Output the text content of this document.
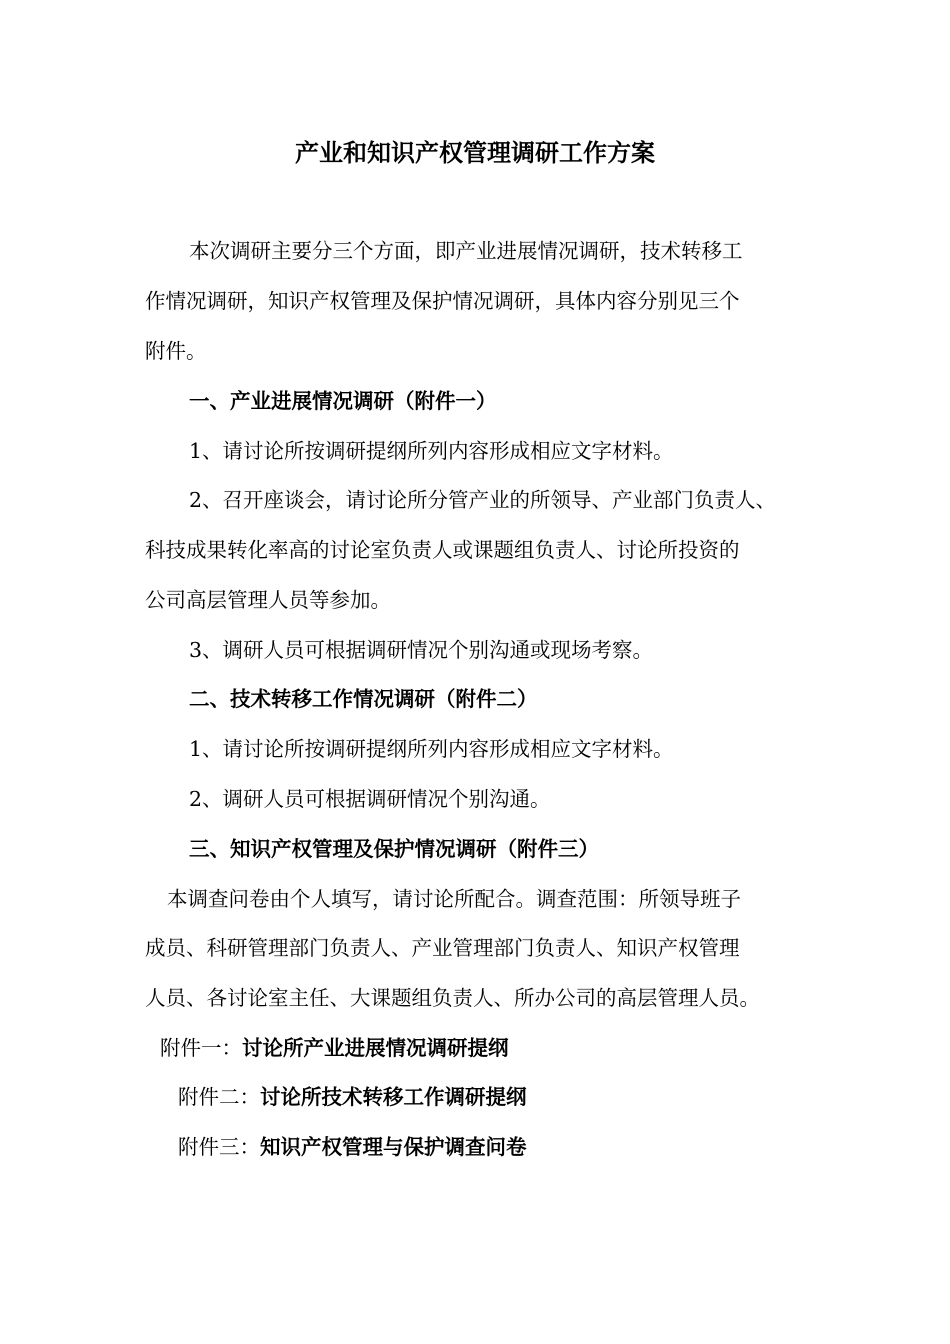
产业和知识产权管理调研工作方案
本次调研主要分三个方面，即产业进展情况调研，技术转移工
作情况调研，知识产权管理及保护情况调研，具体内容分别见三个
附件。
一、产业进展情况调研（附件一）
1、请讨论所按调研提纲所列内容形成相应文字材料。
2、召开座谈会，请讨论所分管产业的所领导、产业部门负责人、
科技成果转化率高的讨论室负责人或课题组负责人、讨论所投资的
公司高层管理人员等参加。
3、调研人员可根据调研情况个别沟通或现场考察。
二、技术转移工作情况调研（附件二）
1、请讨论所按调研提纲所列内容形成相应文字材料。
2、调研人员可根据调研情况个别沟通。
三、知识产权管理及保护情况调研（附件三）
本调查问卷由个人填写，请讨论所配合。调查范围：所领导班子
成员、科研管理部门负责人、产业管理部门负责人、知识产权管理
人员、各讨论室主任、大课题组负责人、所办公司的高层管理人员。
附件一：讨论所产业进展情况调研提纲
附件二：讨论所技术转移工作调研提纲
附件三：知识产权管理与保护调查问卷
